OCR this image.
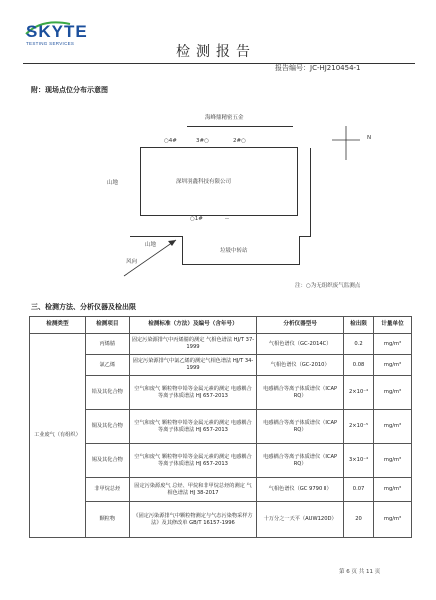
SKYTE
TESTING SERVICES
检测报告
报告编号：JC-HJ210454-1
附：现场点位分布示意图
海峰鼎精密五金
○4#	3#○	2#○	N
深圳羽鑫科技有限公司
山地
○1#	--
山地
垃圾中转站
风向
注：○为无组织废气监测点
三、检测方法、分析仪器及检出限
检测类型	检测项目	检测标准（方法）及编号（含年号）	分析仪器型号	检出限	计量单位
工业废气（有组织）	丙烯腈	固定污染源排气中丙烯腈的测定 气相色谱法 HJ/T 37-1999	气相色谱仪（GC-2014C）	0.2	mg/m³
	氯乙烯	固定污染源排气中氯乙烯的测定气相色谱法 HJ/T 34-1999	气相色谱仪（GC-2010）	0.08	mg/m³
	铅及其化合物	空气和废气 颗粒物中铅等金属元素的测定 电感耦合等离子体质谱法 HJ 657-2013	电感耦合等离子体质谱仪（ICAP RQ）	2×10⁻⁴	mg/m³
	铜及其化合物	空气和废气 颗粒物中铅等金属元素的测定 电感耦合等离子体质谱法 HJ 657-2013	电感耦合等离子体质谱仪（ICAP RQ）	2×10⁻⁵	mg/m³
	锡及其化合物	空气和废气 颗粒物中铅等金属元素的测定 电感耦合等离子体质谱法 HJ 657-2013	电感耦合等离子体质谱仪（ICAP RQ）	3×10⁻⁴	mg/m³
	非甲烷总烃	固定污染源废气 总烃、甲烷和非甲烷总烃的测定 气相色谱法 HJ 38-2017	气相色谱仪（GC 9790 Ⅱ）	0.07	mg/m³
	颗粒物	《固定污染源排气中颗粒物测定与气态污染物采样方法》及其修改单 GB/T 16157-1996	十万分之一天平（AUW120D）	20	mg/m³
第 6 页 共 11 页
